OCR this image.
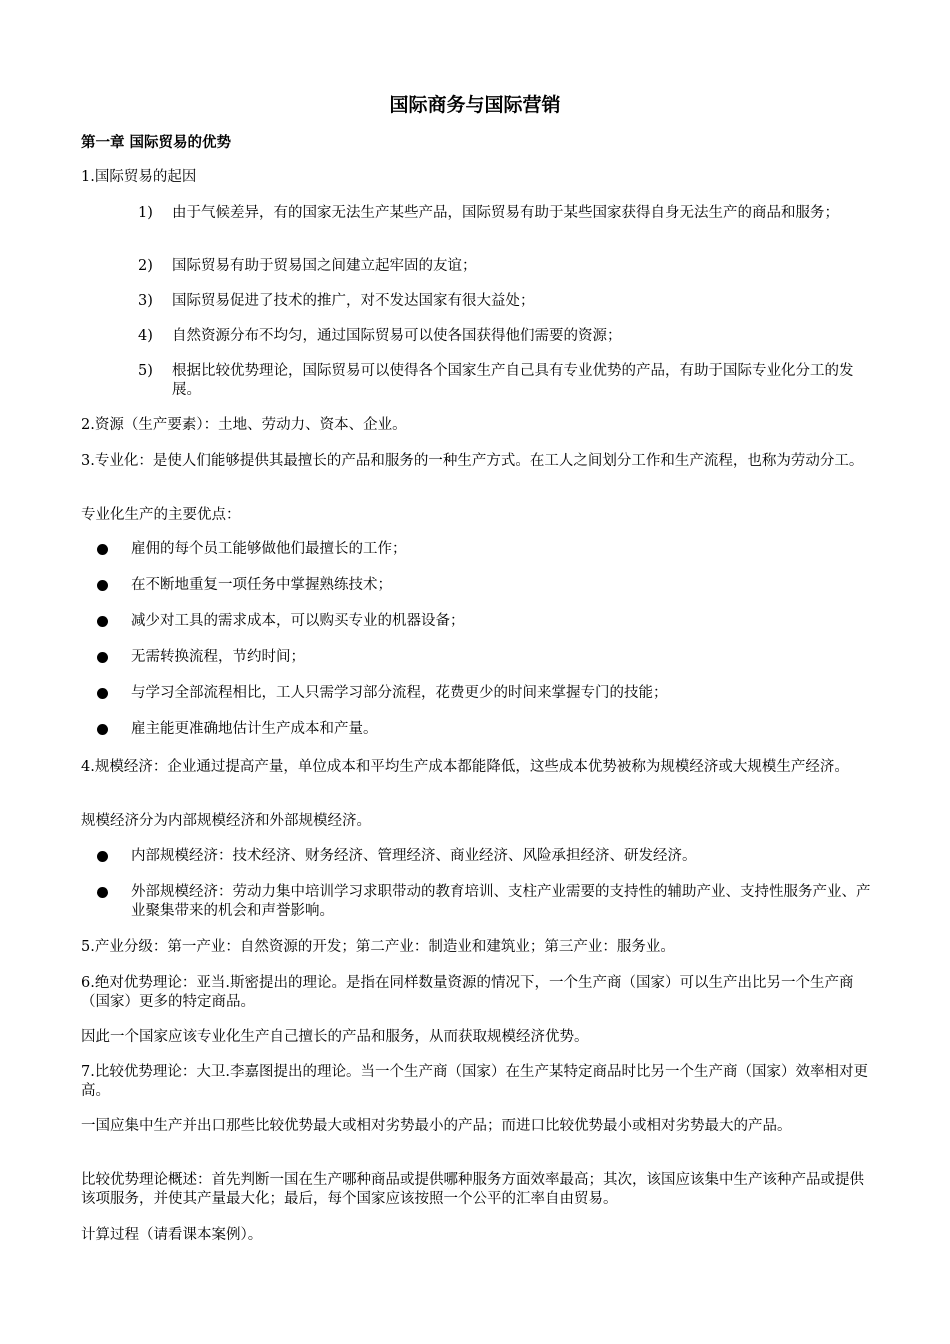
国际商务与国际营销
第一章 国际贸易的优势
1.国际贸易的起因
1) 由于气候差异，有的国家无法生产某些产品，国际贸易有助于某些国家获得自身无法生产的商品和服务；
2) 国际贸易有助于贸易国之间建立起牢固的友谊；
3) 国际贸易促进了技术的推广，对不发达国家有很大益处；
4) 自然资源分布不均匀，通过国际贸易可以使各国获得他们需要的资源；
5) 根据比较优势理论，国际贸易可以使得各个国家生产自己具有专业优势的产品，有助于国际专业化分工的发展。
2.资源（生产要素）：土地、劳动力、资本、企业。
3.专业化：是使人们能够提供其最擅长的产品和服务的一种生产方式。在工人之间划分工作和生产流程，也称为劳动分工。
专业化生产的主要优点：
雇佣的每个员工能够做他们最擅长的工作；
在不断地重复一项任务中掌握熟练技术；
减少对工具的需求成本，可以购买专业的机器设备；
无需转换流程，节约时间；
与学习全部流程相比，工人只需学习部分流程，花费更少的时间来掌握专门的技能；
雇主能更准确地估计生产成本和产量。
4.规模经济：企业通过提高产量，单位成本和平均生产成本都能降低，这些成本优势被称为规模经济或大规模生产经济。
规模经济分为内部规模经济和外部规模经济。
内部规模经济：技术经济、财务经济、管理经济、商业经济、风险承担经济、研发经济。
外部规模经济：劳动力集中培训学习求职带动的教育培训、支柱产业需要的支持性的辅助产业、支持性服务产业、产业聚集带来的机会和声誉影响。
5.产业分级：第一产业：自然资源的开发；第二产业：制造业和建筑业；第三产业：服务业。
6.绝对优势理论：亚当.斯密提出的理论。是指在同样数量资源的情况下，一个生产商（国家）可以生产出比另一个生产商（国家）更多的特定商品。
因此一个国家应该专业化生产自己擅长的产品和服务，从而获取规模经济优势。
7.比较优势理论：大卫.李嘉图提出的理论。当一个生产商（国家）在生产某特定商品时比另一个生产商（国家）效率相对更高。
一国应集中生产并出口那些比较优势最大或相对劣势最小的产品；而进口比较优势最小或相对劣势最大的产品。
比较优势理论概述：首先判断一国在生产哪种商品或提供哪种服务方面效率最高；其次，该国应该集中生产该种产品或提供该项服务，并使其产量最大化；最后，每个国家应该按照一个公平的汇率自由贸易。
计算过程（请看课本案例）。
